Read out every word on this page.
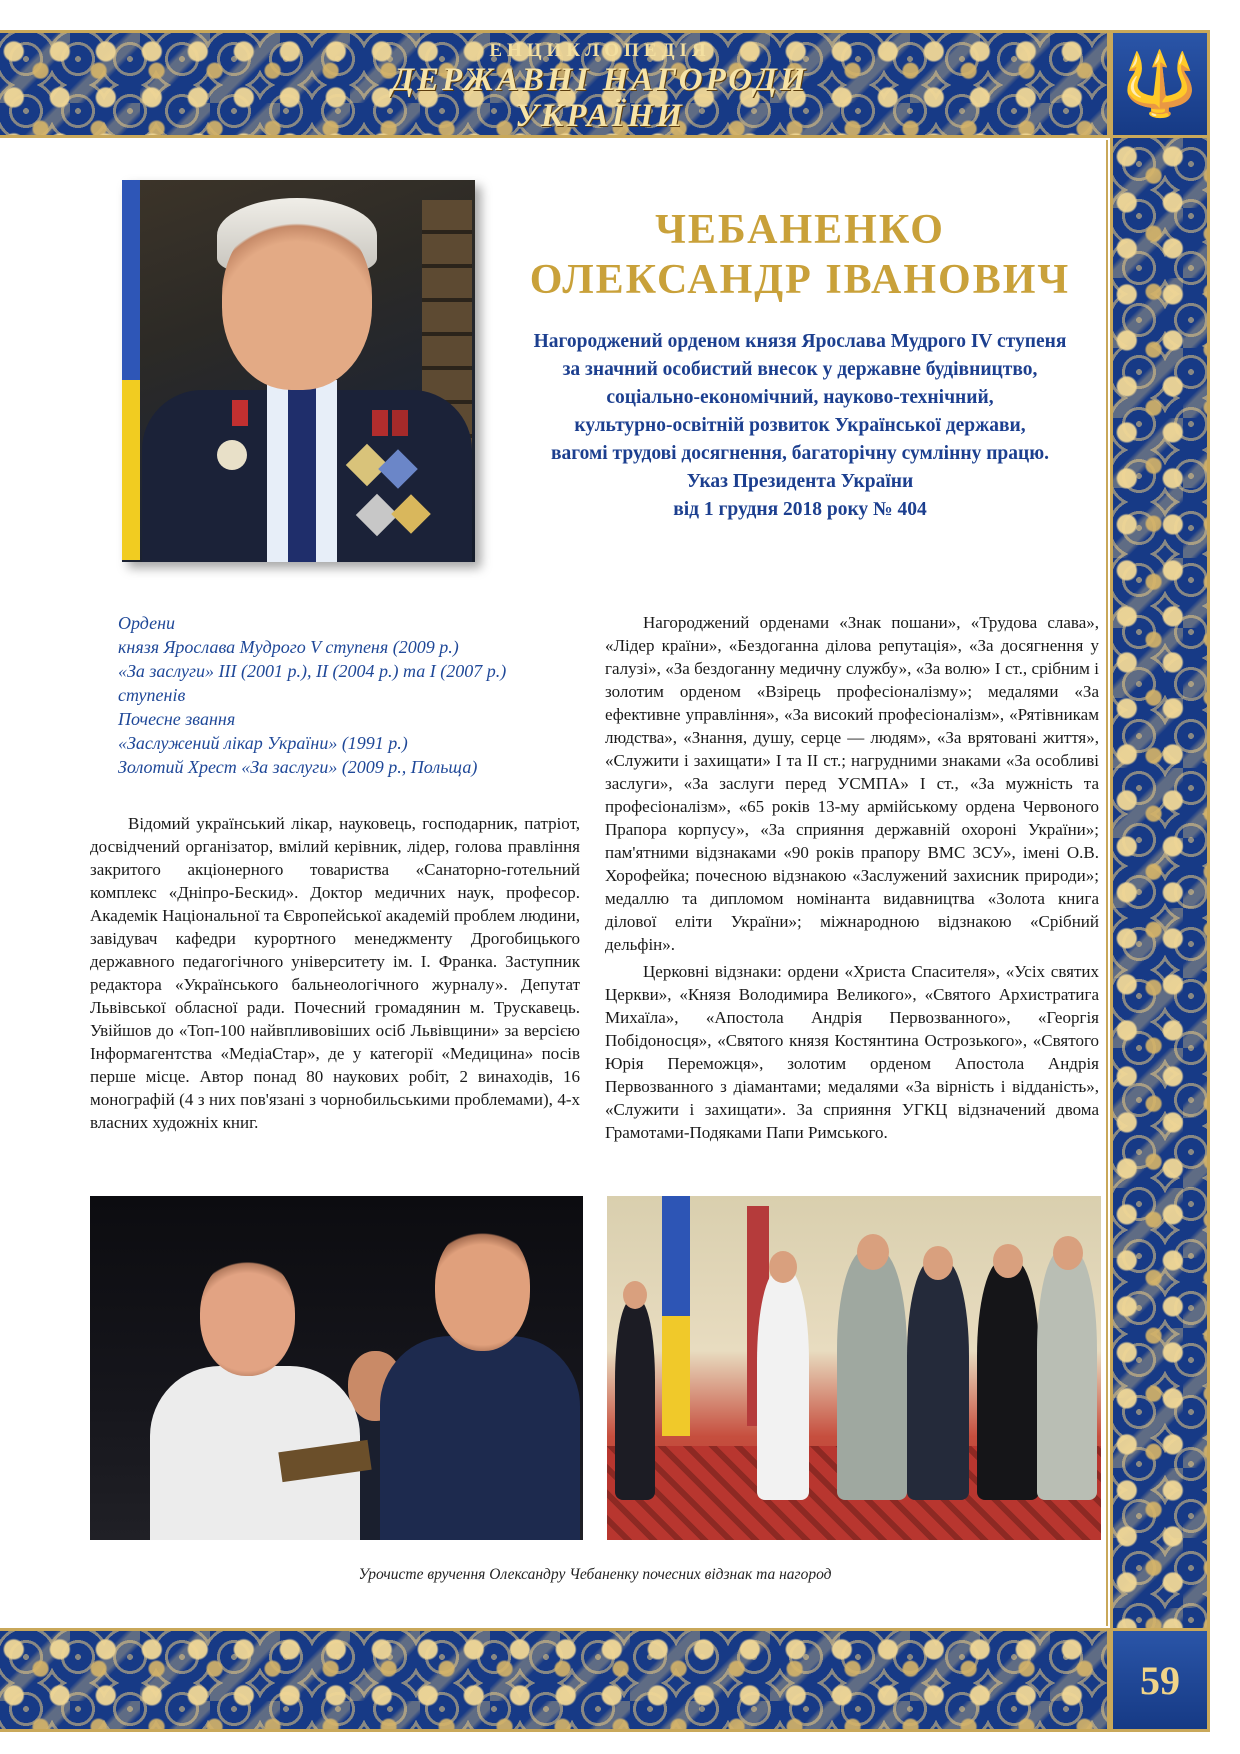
🔱
59
ЕНЦИКЛОПЕДІЯ
ДЕРЖАВНІ НАГОРОДИ
УКРАЇНИ
ЧЕБАНЕНКО
ОЛЕКСАНДР ІВАНОВИЧ
Нагороджений орденом князя Ярослава Мудрого IV ступеня
за значний особистий внесок у державне будівництво,
соціально-економічний, науково-технічний,
культурно-освітній розвиток Української держави,
вагомі трудові досягнення, багаторічну сумлінну працю.
Указ Президента України
від 1 грудня 2018 року № 404
Ордени
князя Ярослава Мудрого V ступеня (2009 р.)
«За заслуги» III (2001 р.), II (2004 р.) та I (2007 р.)
ступенів
Почесне звання
«Заслужений лікар України» (1991 р.)
Золотий Хрест «За заслуги» (2009 р., Польща)

Відомий український лікар, науковець, господарник, патріот, досвідчений організатор, вмілий керівник, лідер, голова правління закритого акціонерного товариства «Санаторно-готельний комплекс «Дніпро-Бескид». Доктор медичних наук, професор. Академік Національної та Європейської академій проблем людини, завідувач кафедри курортного менеджменту Дрогобицького державного педагогічного університету ім. І. Франка. Заступник редактора «Українського бальнеологічного журналу». Депутат Львівської обласної ради. Почесний громадянин м. Трускавець. Увійшов до «Топ-100 найвпливовіших осіб Львівщини» за версією Інформагентства «МедіаСтар», де у категорії «Медицина» посів перше місце. Автор понад 80 наукових робіт, 2 винаходів, 16 монографій (4 з них пов'язані з чорнобильськими проблемами), 4-х власних художніх книг.

Нагороджений орденами «Знак пошани», «Трудова слава», «Лідер країни», «Бездоганна ділова репутація», «За досягнення у галузі», «За бездоганну медичну службу», «За волю» I ст., срібним і золотим орденом «Взірець професіоналізму»; медалями «За ефективне управління», «За високий професіоналізм», «Рятівникам людства», «Знання, душу, серце — людям», «За врятовані життя», «Служити і захищати» I та II ст.; нагрудними знаками «За особливі заслуги», «За заслуги перед УСМПА» I ст., «За мужність та професіоналізм», «65 років 13-му армійському ордена Червоного Прапора корпусу», «За сприяння державній охороні України»; пам'ятними відзнаками «90 років прапору ВМС ЗСУ», імені О.В. Хорофейка; почесною відзнакою «Заслужений захисник природи»; медаллю та дипломом номінанта видавництва «Золота книга ділової еліти України»; міжнародною відзнакою «Срібний дельфін».

Церковні відзнаки: ордени «Христа Спасителя», «Усіх святих Церкви», «Князя Володимира Великого», «Святого Архистратига Михаїла», «Апостола Андрія Первозванного», «Георгія Побідоносця», «Святого князя Костянтина Острозького», «Святого Юрія Переможця», золотим орденом Апостола Андрія Первозванного з діамантами; медалями «За вірність і відданість», «Служити і захищати». За сприяння УГКЦ відзначений двома Грамотами-Подяками Папи Римського.

Урочисте вручення Олександру Чебаненку почесних відзнак та нагород
